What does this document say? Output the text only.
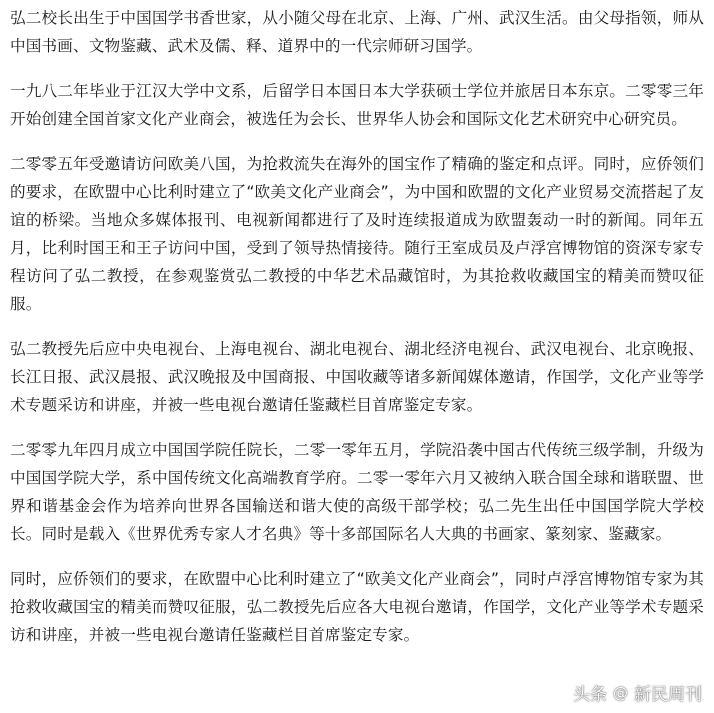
弘二校长出生于中国国学书香世家，从小随父母在北京、上海、广州、武汉生活。由父母指领，师从中国书画、文物鉴藏、武术及儒、释、道界中的一代宗师研习国学。

一九八二年毕业于江汉大学中文系，后留学日本国日本大学获硕士学位并旅居日本东京。二零零三年开始创建全国首家文化产业商会，被选任为会长、世界华人协会和国际文化艺术研究中心研究员。

二零零五年受邀请访问欧美八国，为抢救流失在海外的国宝作了精确的鉴定和点评。同时，应侨领们的要求，在欧盟中心比利时建立了“欧美文化产业商会”，为中国和欧盟的文化产业贸易交流搭起了友谊的桥梁。当地众多媒体报刊、电视新闻都进行了及时连续报道成为欧盟轰动一时的新闻。同年五月，比利时国王和王子访问中国，受到了领导热情接待。随行王室成员及卢浮宫博物馆的资深专家专程访问了弘二教授，在参观鉴赏弘二教授的中华艺术品藏馆时，为其抢救收藏国宝的精美而赞叹征服。

弘二教授先后应中央电视台、上海电视台、湖北电视台、湖北经济电视台、武汉电视台、北京晚报、长江日报、武汉晨报、武汉晚报及中国商报、中国收藏等诸多新闻媒体邀请，作国学，文化产业等学术专题采访和讲座，并被一些电视台邀请任鉴藏栏目首席鉴定专家。

二零零九年四月成立中国国学院任院长，二零一零年五月，学院沿袭中国古代传统三级学制，升级为中国国学院大学，系中国传统文化高端教育学府。二零一零年六月又被纳入联合国全球和谐联盟、世界和谐基金会作为培养向世界各国输送和谐大使的高级干部学校；弘二先生出任中国国学院大学校长。同时是载入《世界优秀专家人才名典》等十多部国际名人大典的书画家、篆刻家、鉴藏家。

同时，应侨领们的要求，在欧盟中心比利时建立了“欧美文化产业商会”，同时卢浮宫博物馆专家为其抢救收藏国宝的精美而赞叹征服，弘二教授先后应各大电视台邀请，作国学，文化产业等学术专题采访和讲座，并被一些电视台邀请任鉴藏栏目首席鉴定专家。

头条 @ 新民周刊
